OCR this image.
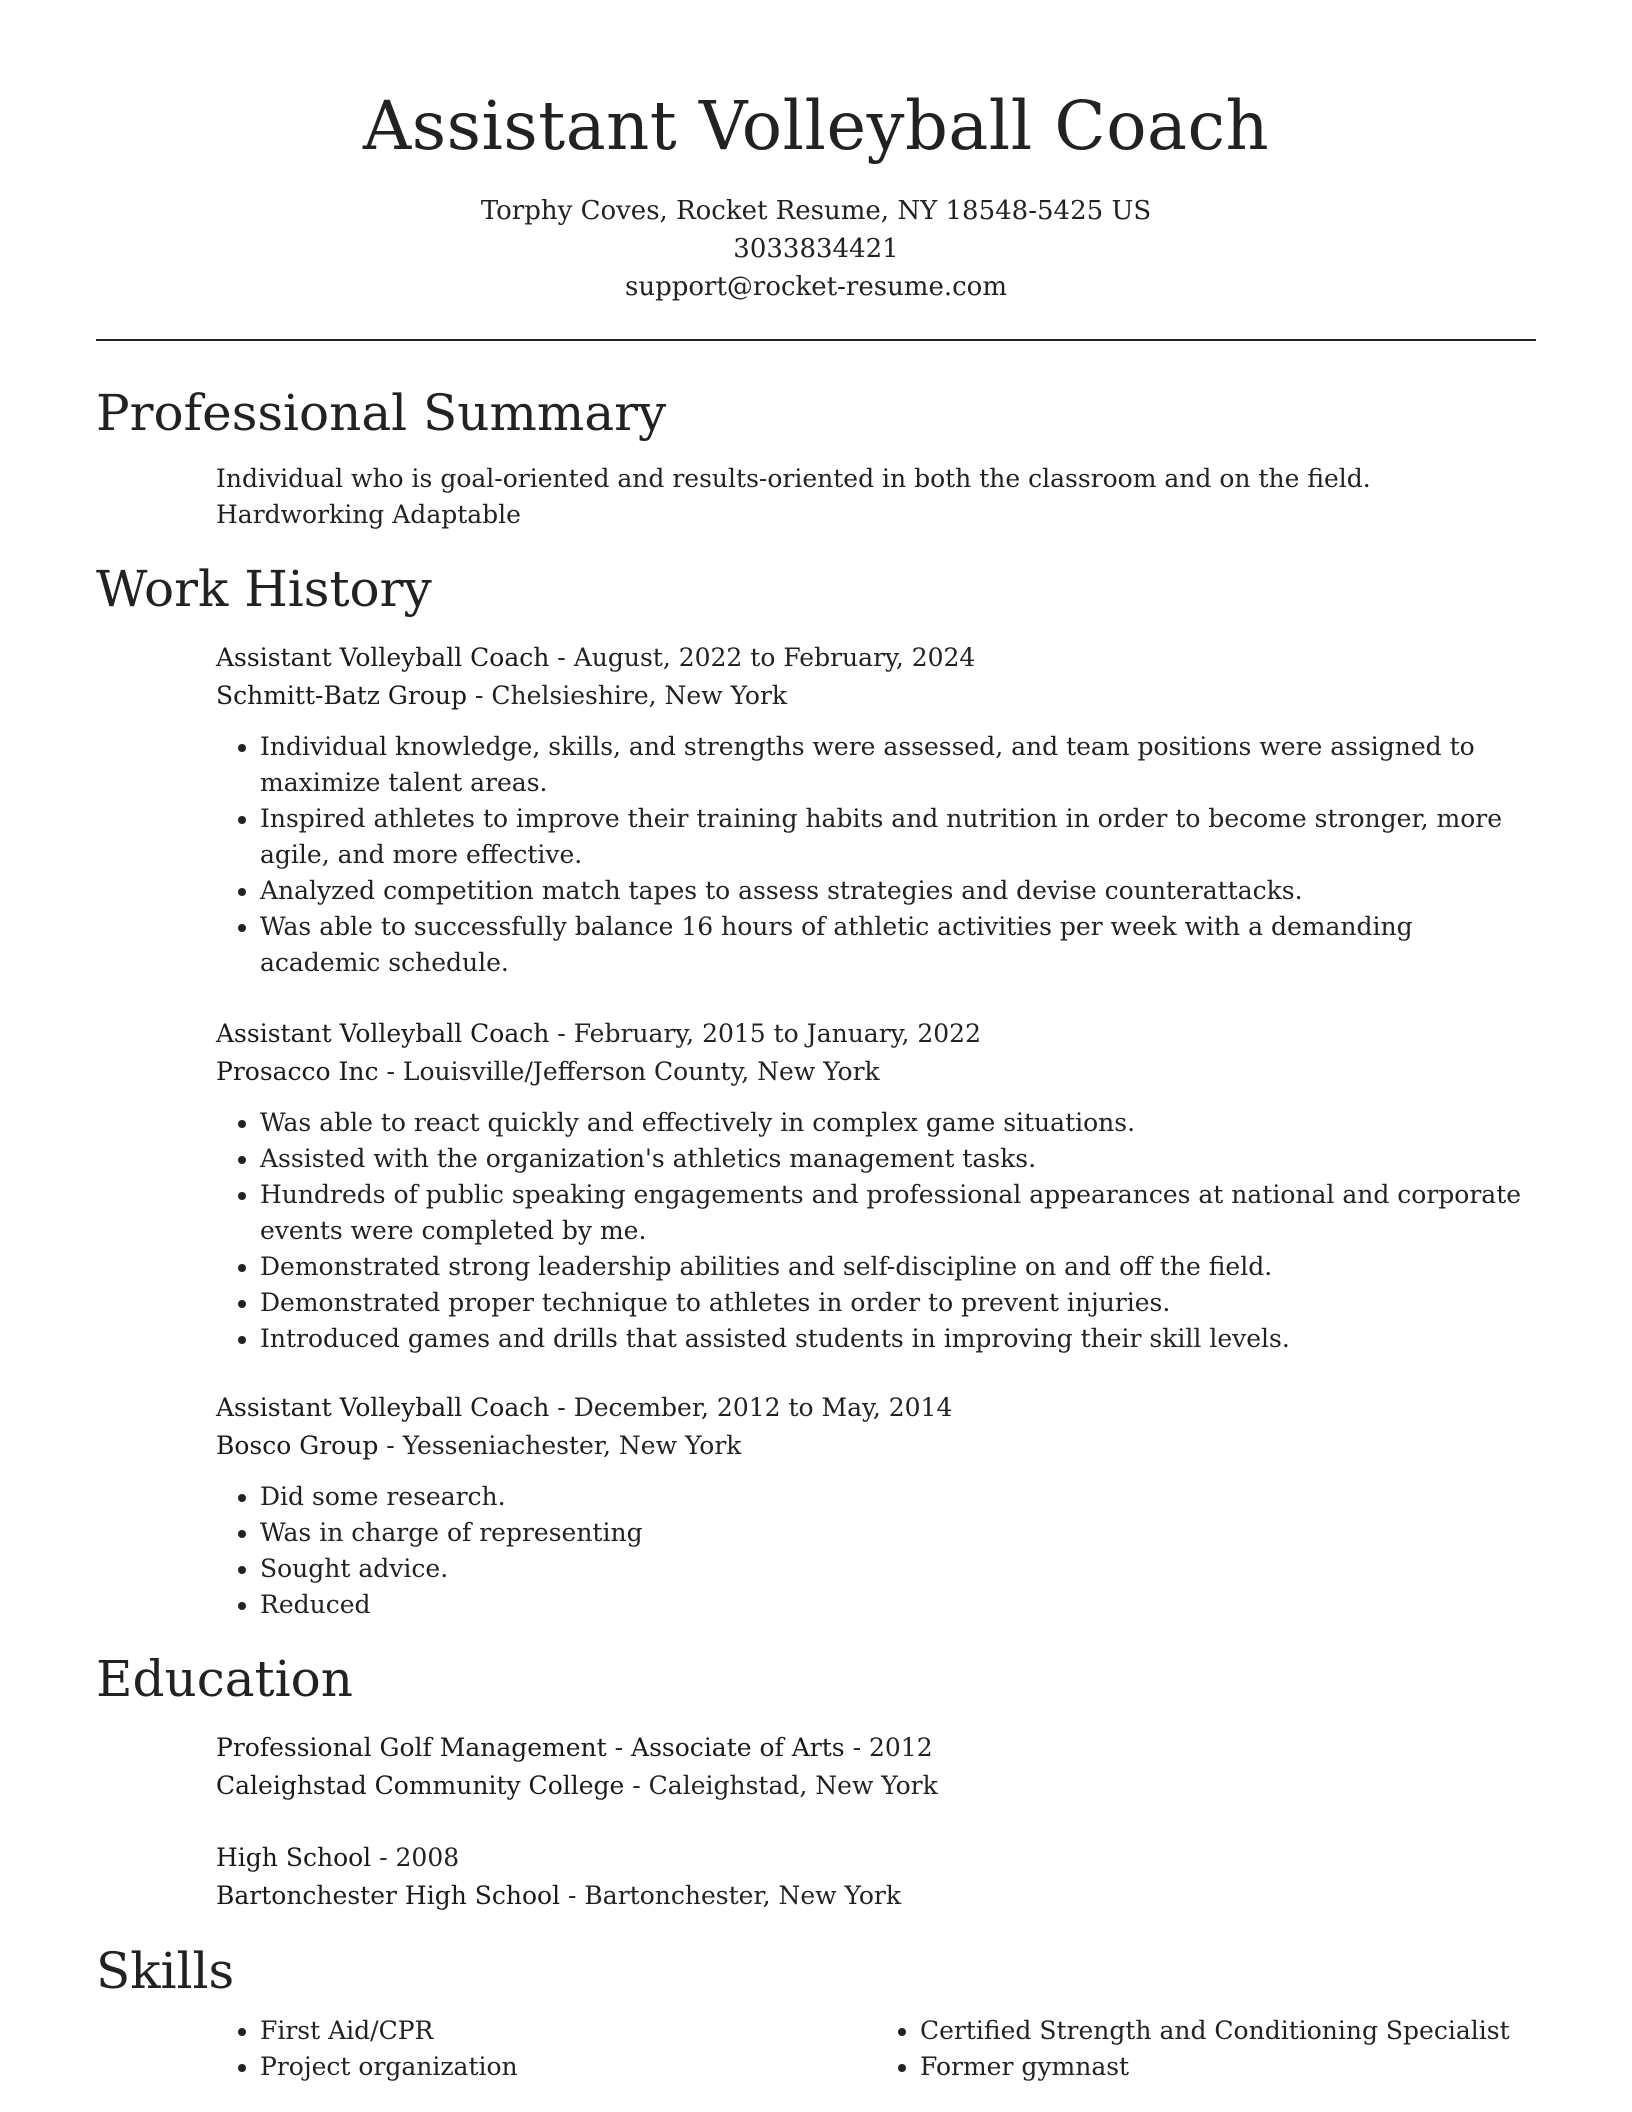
Assistant Volleyball Coach
Torphy Coves, Rocket Resume, NY 18548-5425 US
3033834421
support@rocket-resume.com
Professional Summary
Individual who is goal-oriented and results-oriented in both the classroom and on the field. Hardworking Adaptable
Work History
Assistant Volleyball Coach - August, 2022 to February, 2024
Schmitt-Batz Group - Chelsieshire, New York
• Individual knowledge, skills, and strengths were assessed, and team positions were assigned to maximize talent areas.
• Inspired athletes to improve their training habits and nutrition in order to become stronger, more agile, and more effective.
• Analyzed competition match tapes to assess strategies and devise counterattacks.
• Was able to successfully balance 16 hours of athletic activities per week with a demanding academic schedule.
Assistant Volleyball Coach - February, 2015 to January, 2022
Prosacco Inc - Louisville/Jefferson County, New York
• Was able to react quickly and effectively in complex game situations.
• Assisted with the organization's athletics management tasks.
• Hundreds of public speaking engagements and professional appearances at national and corporate events were completed by me.
• Demonstrated strong leadership abilities and self-discipline on and off the field.
• Demonstrated proper technique to athletes in order to prevent injuries.
• Introduced games and drills that assisted students in improving their skill levels.
Assistant Volleyball Coach - December, 2012 to May, 2014
Bosco Group - Yesseniachester, New York
• Did some research.
• Was in charge of representing
• Sought advice.
• Reduced
Education
Professional Golf Management - Associate of Arts - 2012
Caleighstad Community College - Caleighstad, New York
High School - 2008
Bartonchester High School - Bartonchester, New York
Skills
• First Aid/CPR
• Project organization
• Certified Strength and Conditioning Specialist
• Former gymnast
